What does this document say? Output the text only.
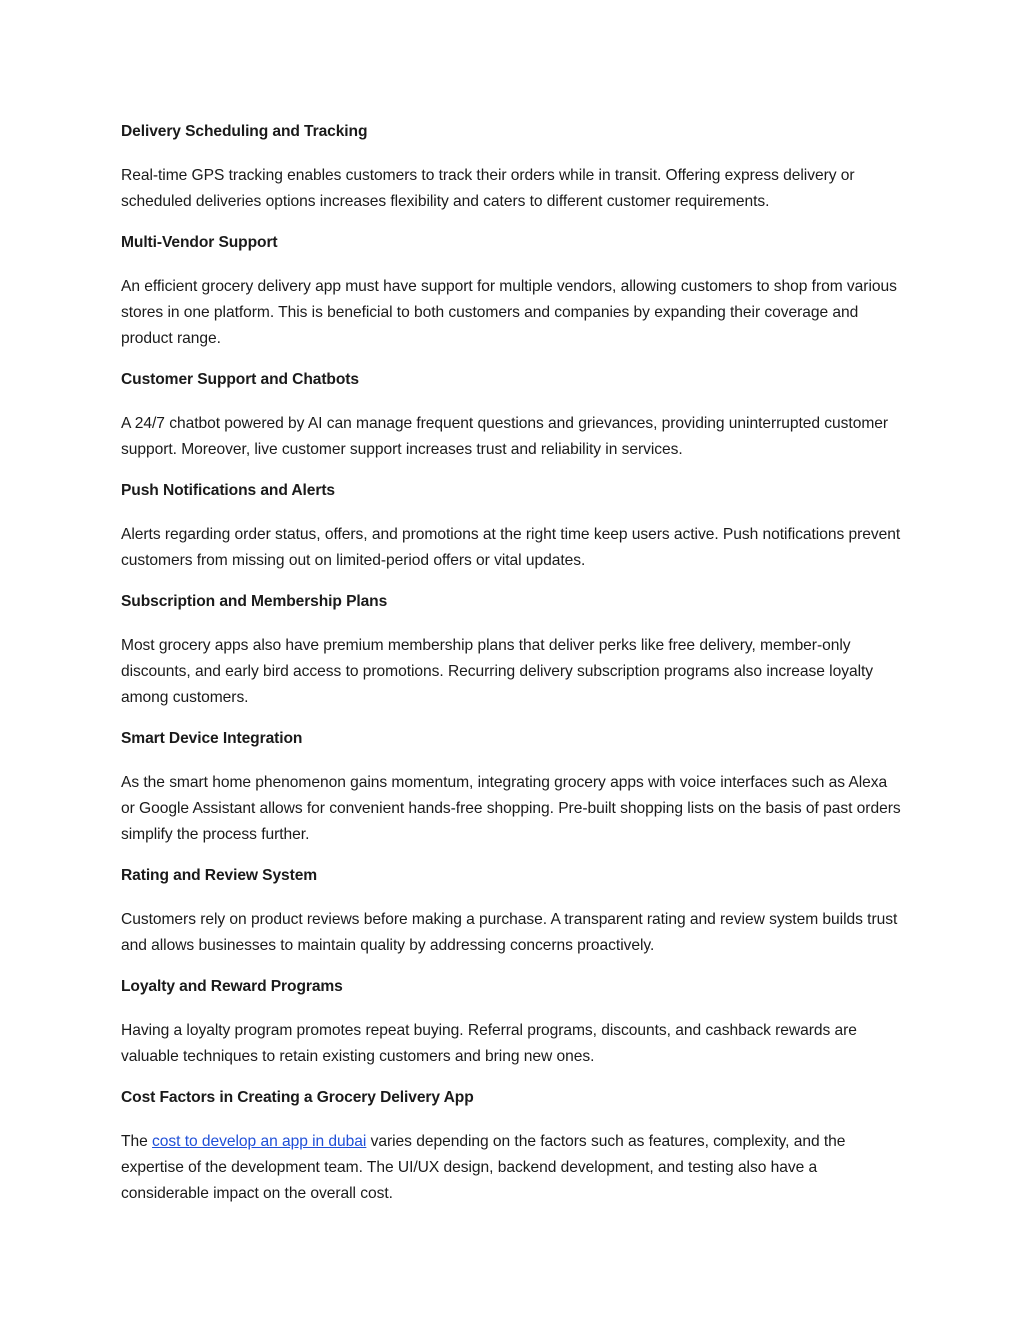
Delivery Scheduling and Tracking
Real-time GPS tracking enables customers to track their orders while in transit. Offering express delivery or scheduled deliveries options increases flexibility and caters to different customer requirements.
Multi-Vendor Support
An efficient grocery delivery app must have support for multiple vendors, allowing customers to shop from various stores in one platform. This is beneficial to both customers and companies by expanding their coverage and product range.
Customer Support and Chatbots
A 24/7 chatbot powered by AI can manage frequent questions and grievances, providing uninterrupted customer support. Moreover, live customer support increases trust and reliability in services.
Push Notifications and Alerts
Alerts regarding order status, offers, and promotions at the right time keep users active. Push notifications prevent customers from missing out on limited-period offers or vital updates.
Subscription and Membership Plans
Most grocery apps also have premium membership plans that deliver perks like free delivery, member-only discounts, and early bird access to promotions. Recurring delivery subscription programs also increase loyalty among customers.
Smart Device Integration
As the smart home phenomenon gains momentum, integrating grocery apps with voice interfaces such as Alexa or Google Assistant allows for convenient hands-free shopping. Pre-built shopping lists on the basis of past orders simplify the process further.
Rating and Review System
Customers rely on product reviews before making a purchase. A transparent rating and review system builds trust and allows businesses to maintain quality by addressing concerns proactively.
Loyalty and Reward Programs
Having a loyalty program promotes repeat buying. Referral programs, discounts, and cashback rewards are valuable techniques to retain existing customers and bring new ones.
Cost Factors in Creating a Grocery Delivery App
The cost to develop an app in dubai varies depending on the factors such as features, complexity, and the expertise of the development team. The UI/UX design, backend development, and testing also have a considerable impact on the overall cost.
